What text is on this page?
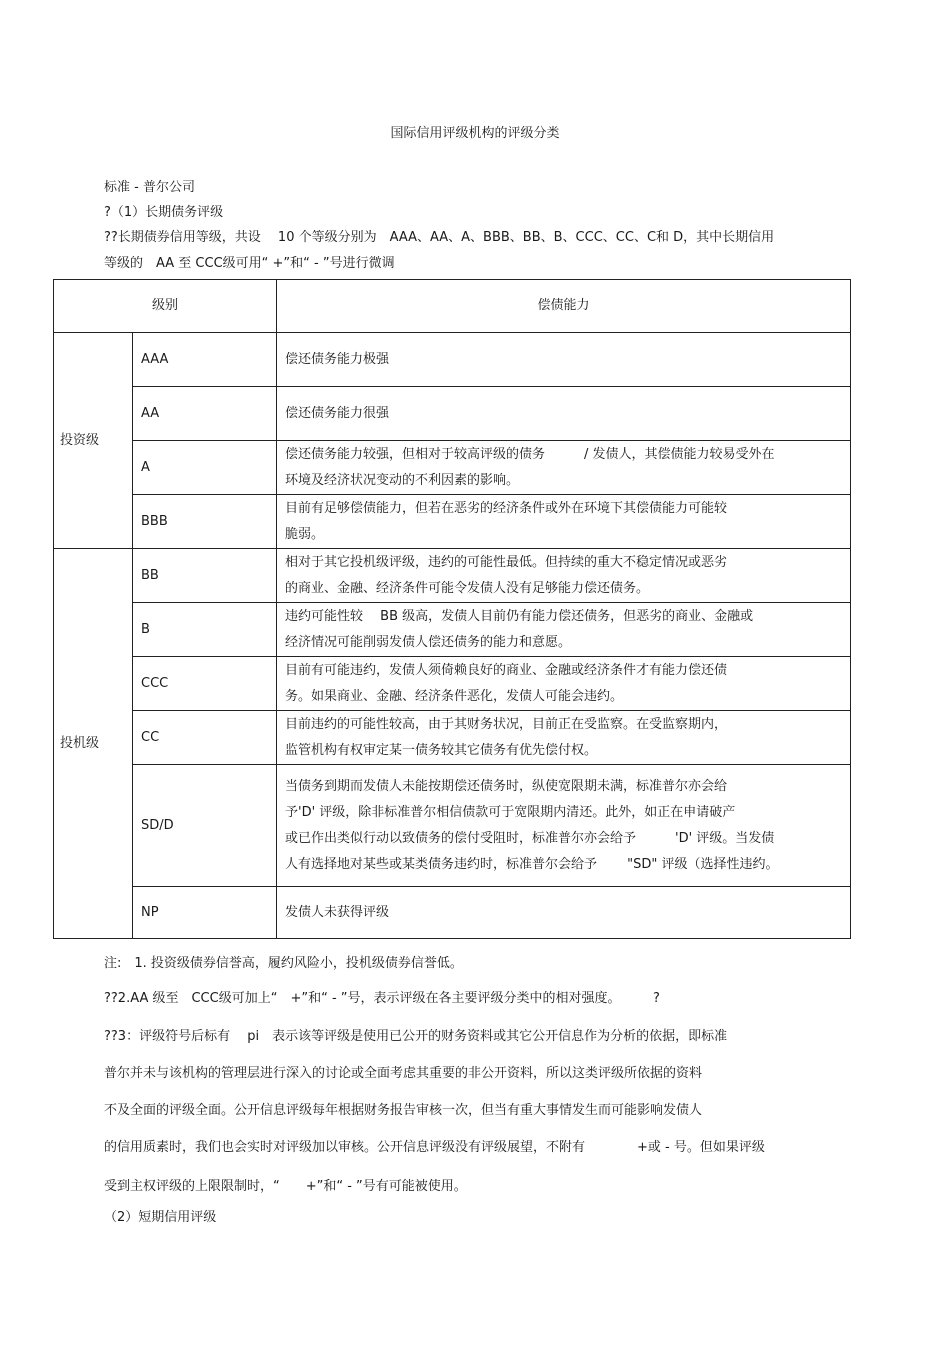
国际信用评级机构的评级分类
标准 - 普尔公司
?（1）长期债务评级
??长期债券信用等级，共设　 10 个等级分别为　AAA、AA、A、BBB、BB、B、CCC、CC、C和 D，其中长期信用
等级的　AA 至 CCC级可用“ +”和“ - ”号进行微调
级别		偿债能力
投资级	AAA	偿还债务能力极强

	AA	偿还债务能力很强

	A	偿还债务能力较强，但相对于较高评级的债务　　　/ 发债人，其偿债能力较易受外在
环境及经济状况变动的不利因素的影响。

	BBB	目前有足够偿债能力，但若在恶劣的经济条件或外在环境下其偿债能力可能较
脆弱。

投机级	BB	相对于其它投机级评级，违约的可能性最低。但持续的重大不稳定情况或恶劣
的商业、金融、经济条件可能令发债人没有足够能力偿还债务。

	B	违约可能性较　 BB 级高，发债人目前仍有能力偿还债务，但恶劣的商业、金融或
经济情况可能削弱发债人偿还债务的能力和意愿。

	CCC	目前有可能违约，发债人须倚赖良好的商业、金融或经济条件才有能力偿还债
务。如果商业、金融、经济条件恶化，发债人可能会违约。

	CC	目前违约的可能性较高，由于其财务状况，目前正在受监察。在受监察期内，
监管机构有权审定某一债务较其它债务有优先偿付权。

	SD/D	当债务到期而发债人未能按期偿还债务时，纵使宽限期未满，标准普尔亦会给
予'D' 评级，除非标准普尔相信债款可于宽限期内清还。此外，如正在申请破产
或已作出类似行动以致债务的偿付受阻时，标准普尔亦会给予　　　'D' 评级。当发债
人有选择地对某些或某类债务违约时，标准普尔会给予　　 "SD" 评级（选择性违约。

	NP	发债人未获得评级
注:　1. 投资级债券信誉高，履约风险小，投机级债券信誉低。
??2.AA 级至　CCC级可加上“　+”和“ - ”号，表示评级在各主要评级分类中的相对强度。　　　?
??3：评级符号后标有　 pi　表示该等评级是使用已公开的财务资料或其它公开信息作为分析的依据，即标准
普尔并未与该机构的管理层进行深入的讨论或全面考虑其重要的非公开资料，所以这类评级所依据的资料
不及全面的评级全面。公开信息评级每年根据财务报告审核一次，但当有重大事情发生而可能影响发债人
的信用质素时，我们也会实时对评级加以审核。公开信息评级没有评级展望，不附有　　　　+或 - 号。但如果评级
受到主权评级的上限限制时，“　　+”和“ - ”号有可能被使用。
（2）短期信用评级
